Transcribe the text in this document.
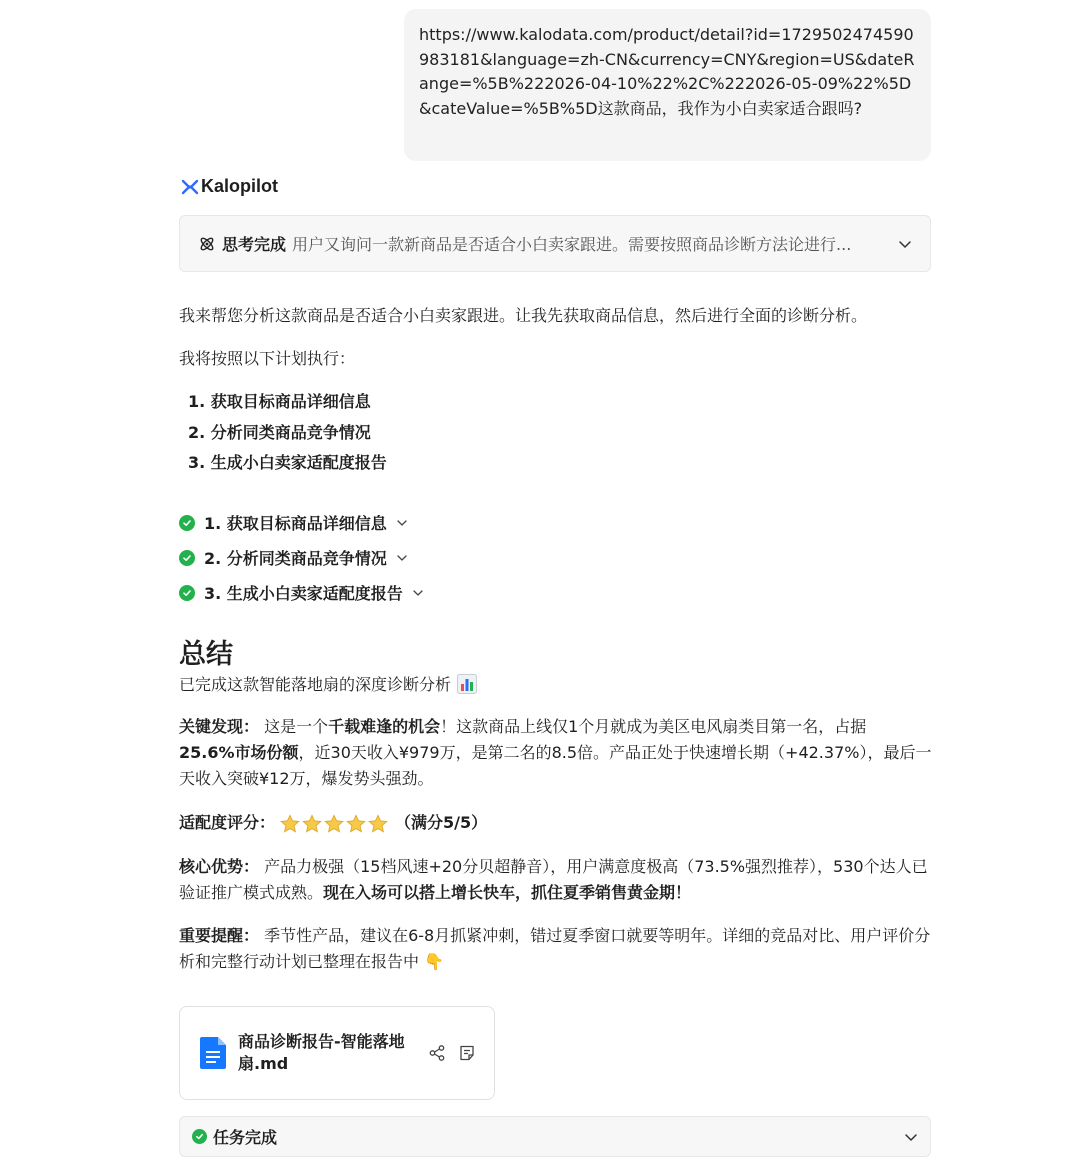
https://www.kalodata.com/product/detail?id=1729502474590983181&language=zh-CN&currency=CNY&region=US&dateRange=%5B%222026-04-10%22%2C%222026-05-09%22%5D&cateValue=%5B%5D这款商品，我作为小白卖家适合跟吗?
Kalopilot
思考完成 用户又询问一款新商品是否适合小白卖家跟进。需要按照商品诊断方法论进行...
我来帮您分析这款商品是否适合小白卖家跟进。让我先获取商品信息，然后进行全面的诊断分析。
我将按照以下计划执行：
1. 获取目标商品详细信息
2. 分析同类商品竞争情况
3. 生成小白卖家适配度报告
1. 获取目标商品详细信息
2. 分析同类商品竞争情况
3. 生成小白卖家适配度报告
总结
已完成这款智能落地扇的深度诊断分析
关键发现： 这是一个千载难逢的机会！这款商品上线仅1个月就成为美区电风扇类目第一名，占据
25.6%市场份额，近30天收入¥979万，是第二名的8.5倍。产品正处于快速增长期（+42.37%），最后一天收入突破¥12万，爆发势头强劲。
适配度评分：	（满分5/5）
核心优势： 产品力极强（15档风速+20分贝超静音），用户满意度极高（73.5%强烈推荐），530个达人已验证推广模式成熟。现在入场可以搭上增长快车，抓住夏季销售黄金期！
重要提醒： 季节性产品，建议在6-8月抓紧冲刺，错过夏季窗口就要等明年。详细的竞品对比、用户评价分析和完整行动计划已整理在报告中 👇
商品诊断报告-智能落地扇.md
任务完成
